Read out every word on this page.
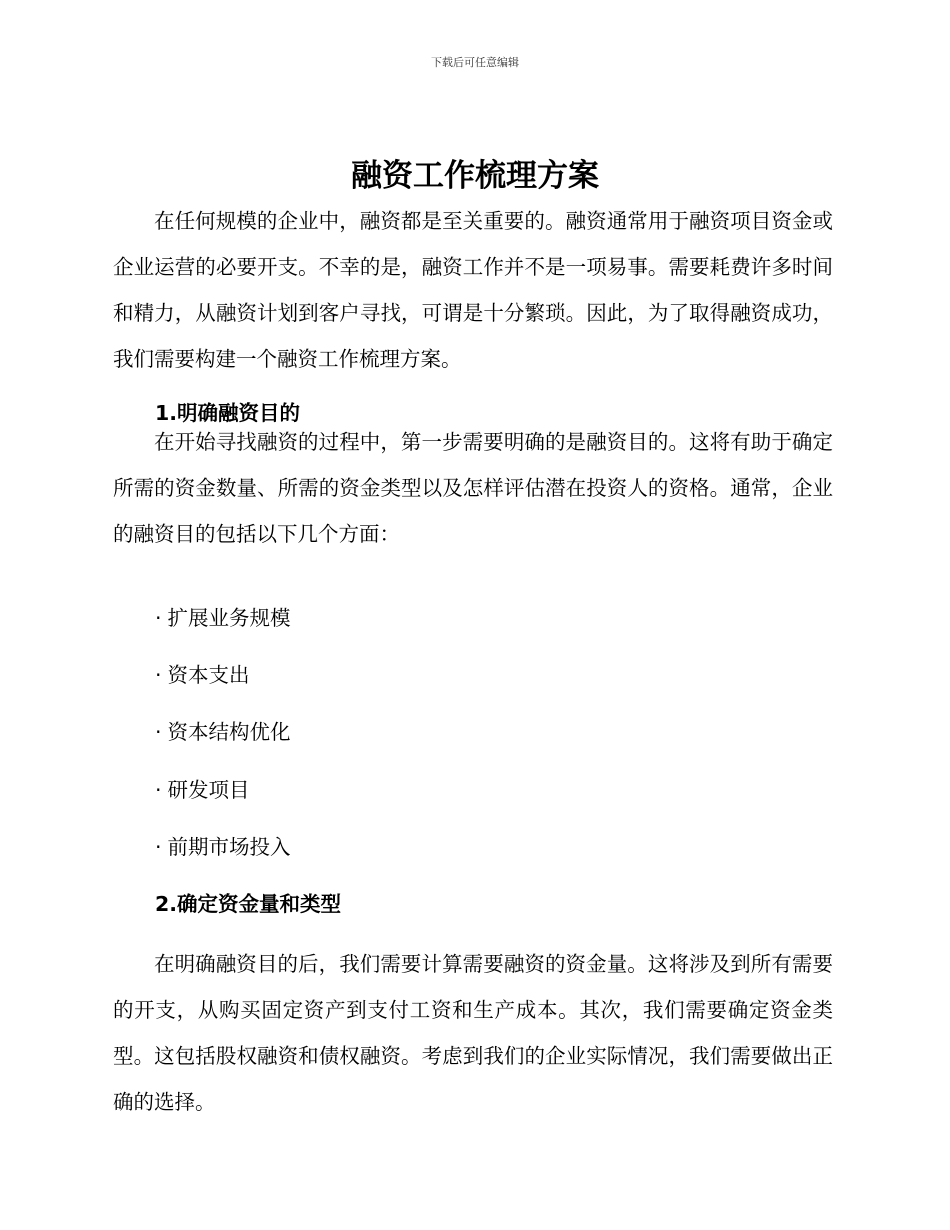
下载后可任意编辑
融资工作梳理方案

在任何规模的企业中，融资都是至关重要的。融资通常用于融资项目资金或企业运营的必要开支。不幸的是，融资工作并不是一项易事。需要耗费许多时间和精力，从融资计划到客户寻找，可谓是十分繁琐。因此，为了取得融资成功，我们需要构建一个融资工作梳理方案。

1.明确融资目的

在开始寻找融资的过程中，第一步需要明确的是融资目的。这将有助于确定所需的资金数量、所需的资金类型以及怎样评估潜在投资人的资格。通常，企业的融资目的包括以下几个方面：

· 扩展业务规模

· 资本支出

· 资本结构优化

· 研发项目

· 前期市场投入

2.确定资金量和类型

在明确融资目的后，我们需要计算需要融资的资金量。这将涉及到所有需要的开支，从购买固定资产到支付工资和生产成本。其次，我们需要确定资金类型。这包括股权融资和债权融资。考虑到我们的企业实际情况，我们需要做出正确的选择。
